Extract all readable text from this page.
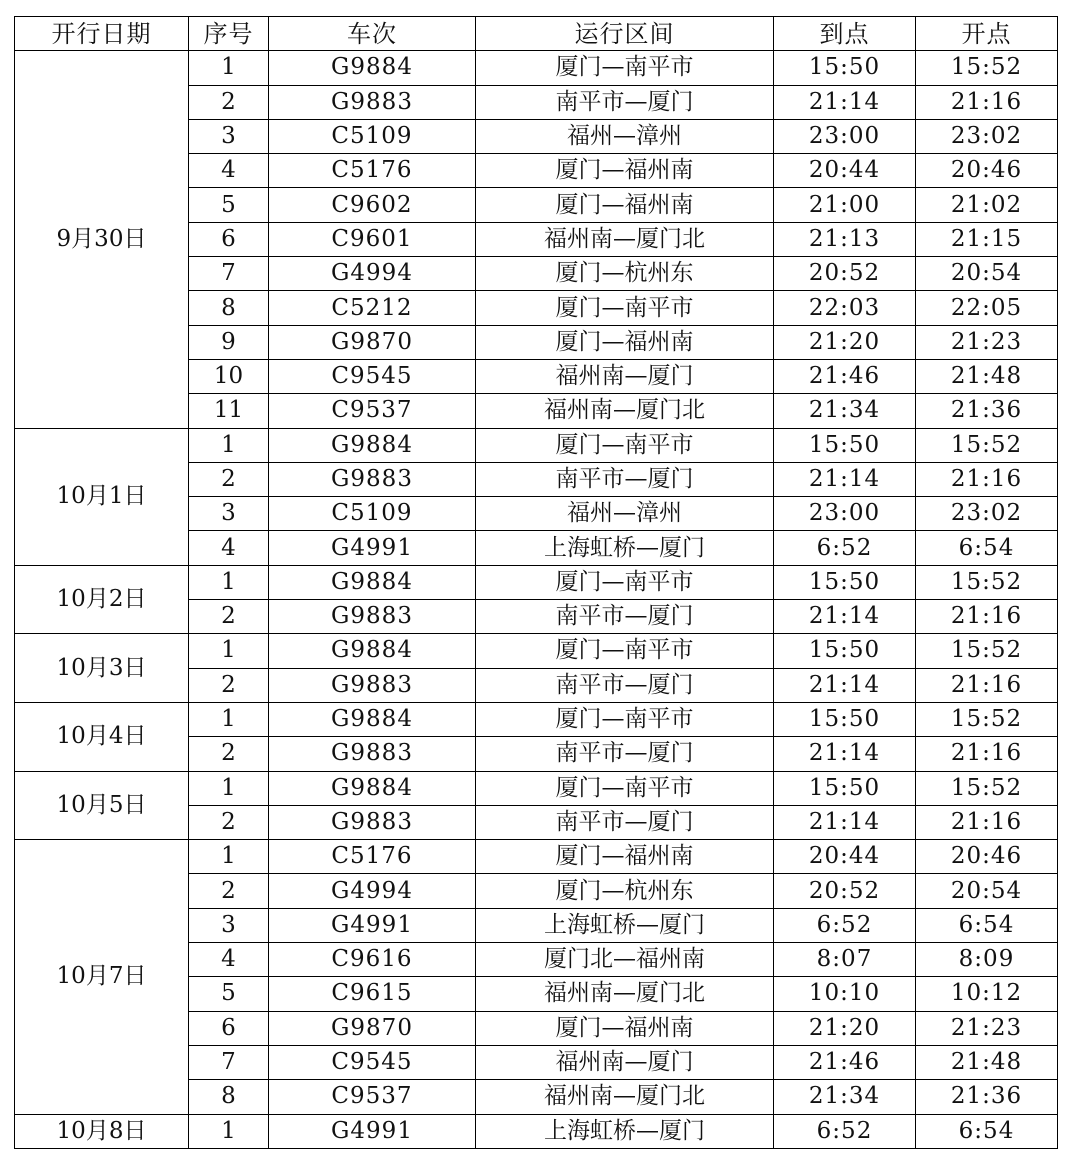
开行日期	序号	车次	运行区间	到点	开点
9月30日	1	G9884	厦门—南平市	15:50	15:52
	2	G9883	南平市—厦门	21:14	21:16
	3	C5109	福州—漳州	23:00	23:02
	4	C5176	厦门—福州南	20:44	20:46
	5	C9602	厦门—福州南	21:00	21:02
	6	C9601	福州南—厦门北	21:13	21:15
	7	G4994	厦门—杭州东	20:52	20:54
	8	C5212	厦门—南平市	22:03	22:05
	9	G9870	厦门—福州南	21:20	21:23
	10	C9545	福州南—厦门	21:46	21:48
	11	C9537	福州南—厦门北	21:34	21:36
10月1日	1	G9884	厦门—南平市	15:50	15:52
	2	G9883	南平市—厦门	21:14	21:16
	3	C5109	福州—漳州	23:00	23:02
	4	G4991	上海虹桥—厦门	6:52	6:54
10月2日	1	G9884	厦门—南平市	15:50	15:52
	2	G9883	南平市—厦门	21:14	21:16
10月3日	1	G9884	厦门—南平市	15:50	15:52
	2	G9883	南平市—厦门	21:14	21:16
10月4日	1	G9884	厦门—南平市	15:50	15:52
	2	G9883	南平市—厦门	21:14	21:16
10月5日	1	G9884	厦门—南平市	15:50	15:52
	2	G9883	南平市—厦门	21:14	21:16
10月7日	1	C5176	厦门—福州南	20:44	20:46
	2	G4994	厦门—杭州东	20:52	20:54
	3	G4991	上海虹桥—厦门	6:52	6:54
	4	C9616	厦门北—福州南	8:07	8:09
	5	C9615	福州南—厦门北	10:10	10:12
	6	G9870	厦门—福州南	21:20	21:23
	7	C9545	福州南—厦门	21:46	21:48
	8	C9537	福州南—厦门北	21:34	21:36
10月8日	1	G4991	上海虹桥—厦门	6:52	6:54
